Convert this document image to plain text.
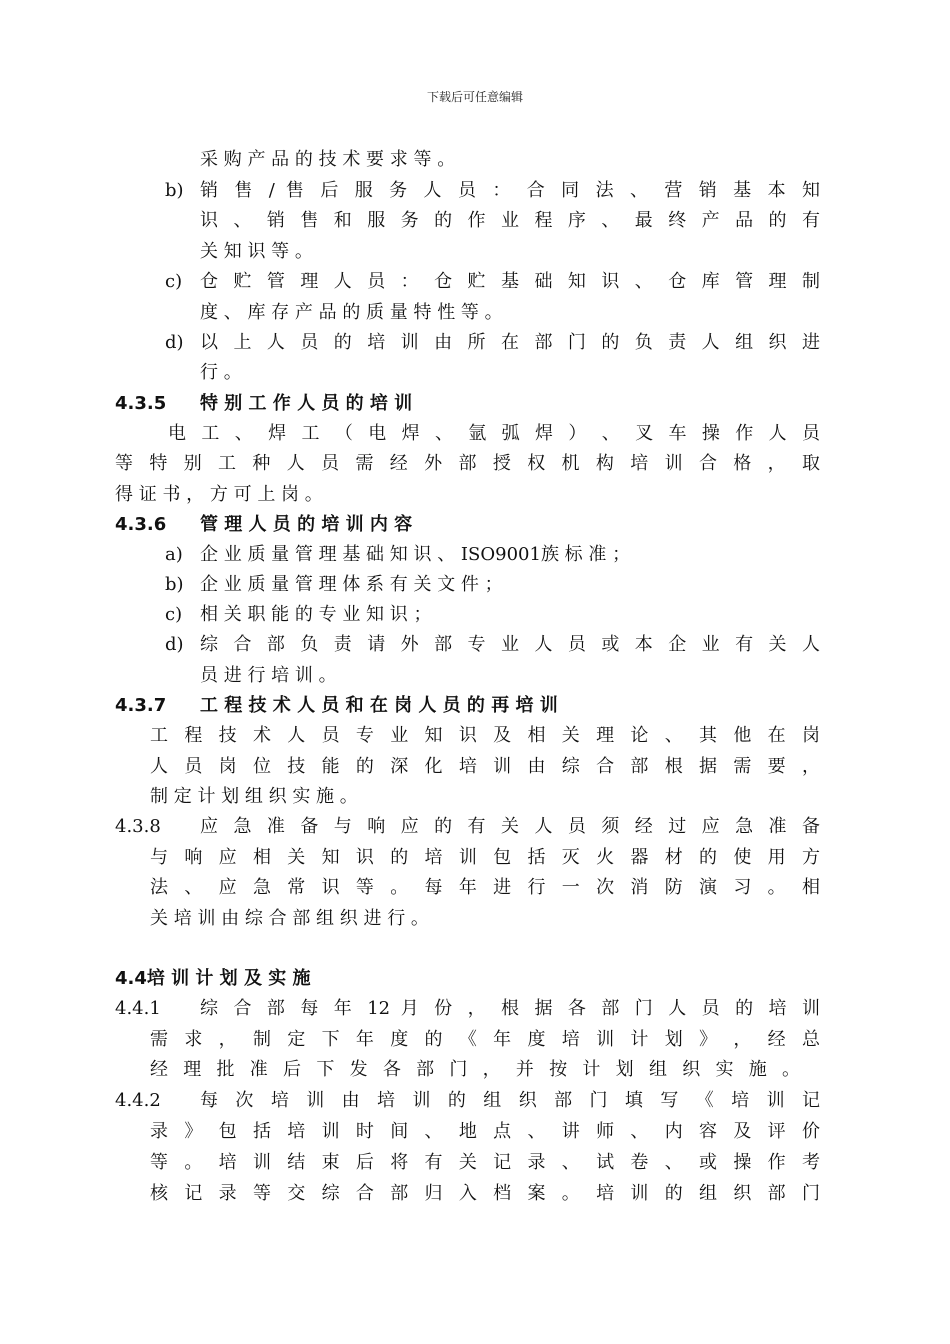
下载后可任意编辑
采 购 产 品 的 技 术 要 求 等 。
b) 销 售 / 售 后 服 务 人 员 ： 合 同 法 、 营 销 基 本 知
识 、 销 售 和 服 务 的 作 业 程 序 、 最 终 产 品 的 有
关 知 识 等 。
c) 仓 贮 管 理 人 员 ： 仓 贮 基 础 知 识 、 仓 库 管 理 制
度 、 库 存 产 品 的 质 量 特 性 等 。
d) 以 上 人 员 的 培 训 由 所 在 部 门 的 负 责 人 组 织 进
行 。
4.3.5 特 别 工 作 人 员 的 培 训
电 工 、 焊 工 （ 电 焊 、 氩 弧 焊 ） 、 叉 车 操 作 人 员
等 特 别 工 种 人 员 需 经 外 部 授 权 机 构 培 训 合 格 ， 取
得 证 书 ， 方 可 上 岗 。
4.3.6 管 理 人 员 的 培 训 内 容
a) 企 业 质 量 管 理 基 础 知 识 、 ISO9001族 标 准 ；
b) 企 业 质 量 管 理 体 系 有 关 文 件 ；
c) 相 关 职 能 的 专 业 知 识 ；
d) 综 合 部 负 责 请 外 部 专 业 人 员 或 本 企 业 有 关 人
员 进 行 培 训 。
4.3.7 工 程 技 术 人 员 和 在 岗 人 员 的 再 培 训
工 程 技 术 人 员 专 业 知 识 及 相 关 理 论 、 其 他 在 岗
人 员 岗 位 技 能 的 深 化 培 训 由 综 合 部 根 据 需 要 ，
制 定 计 划 组 织 实 施 。
4.3.8 应 急 准 备 与 响 应 的 有 关 人 员 须 经 过 应 急 准 备
与 响 应 相 关 知 识 的 培 训 包 括 灭 火 器 材 的 使 用 方
法 、 应 急 常 识 等 。 每 年 进 行 一 次 消 防 演 习 。 相
关 培 训 由 综 合 部 组 织 进 行 。
4.4培 训 计 划 及 实 施
4.4.1 综 合 部 每 年 12 月 份 ， 根 据 各 部 门 人 员 的 培 训
需 求 ， 制 定 下 年 度 的 《 年 度 培 训 计 划 》 ， 经 总
经 理 批 准 后 下 发 各 部 门 ， 并 按 计 划 组 织 实 施 。
4.4.2 每 次 培 训 由 培 训 的 组 织 部 门 填 写 《 培 训 记
录 》 包 括 培 训 时 间 、 地 点 、 讲 师 、 内 容 及 评 价
等 。 培 训 结 束 后 将 有 关 记 录 、 试 卷 、 或 操 作 考
核 记 录 等 交 综 合 部 归 入 档 案 。 培 训 的 组 织 部 门
